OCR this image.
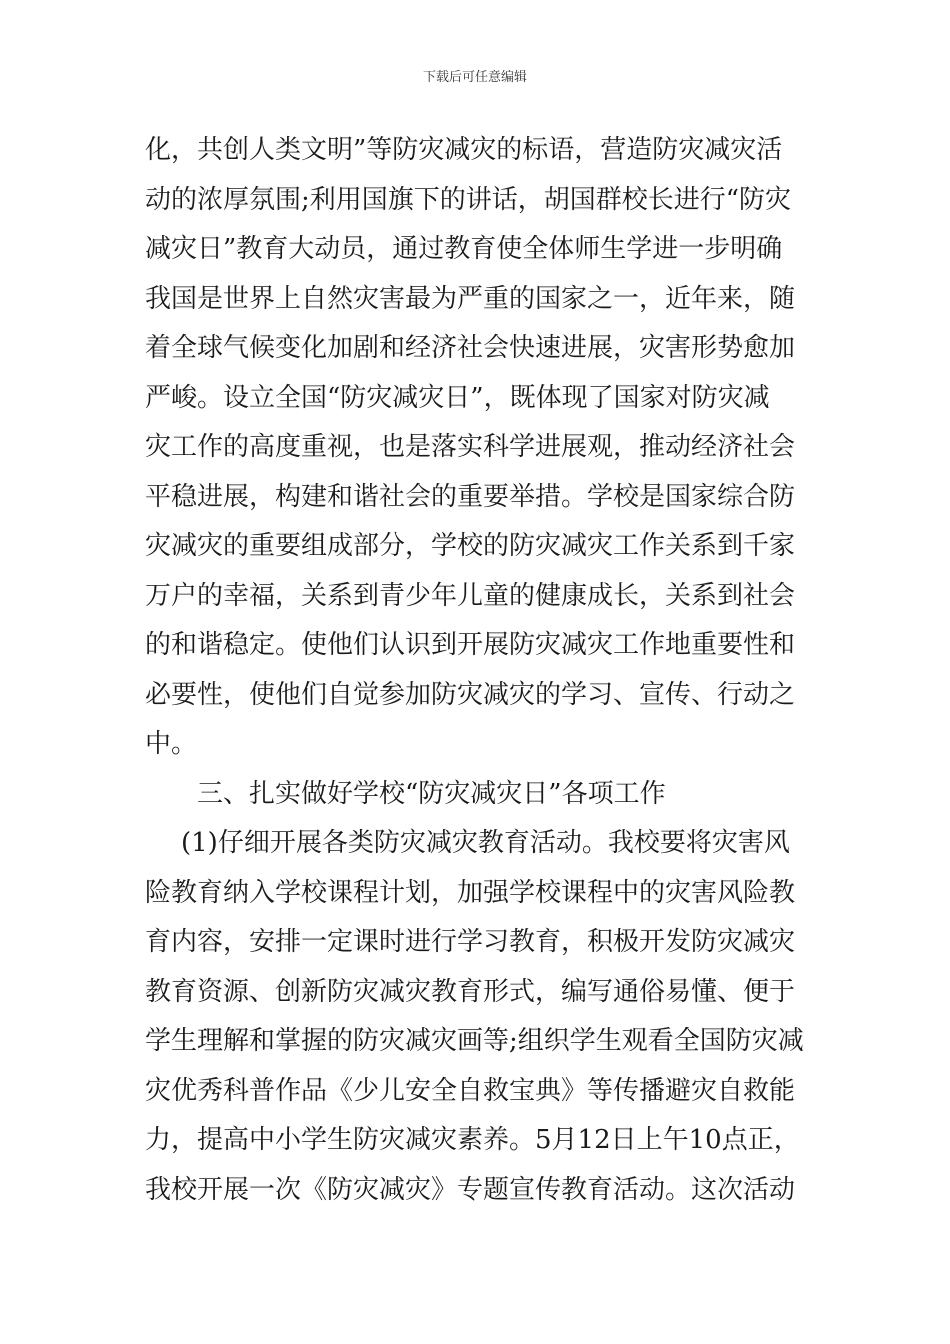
下载后可任意编辑
化，共创人类文明”等防灾减灾的标语，营造防灾减灾活
动的浓厚氛围;利用国旗下的讲话，胡国群校长进行“防灾
减灾日”教育大动员，通过教育使全体师生学进一步明确
我国是世界上自然灾害最为严重的国家之一，近年来，随
着全球气候变化加剧和经济社会快速进展，灾害形势愈加
严峻。设立全国“防灾减灾日”，既体现了国家对防灾减
灾工作的高度重视，也是落实科学进展观，推动经济社会
平稳进展，构建和谐社会的重要举措。学校是国家综合防
灾减灾的重要组成部分，学校的防灾减灾工作关系到千家
万户的幸福，关系到青少年儿童的健康成长，关系到社会
的和谐稳定。使他们认识到开展防灾减灾工作地重要性和
必要性，使他们自觉参加防灾减灾的学习、宣传、行动之
中。
三、扎实做好学校“防灾减灾日”各项工作
(1)仔细开展各类防灾减灾教育活动。我校要将灾害风
险教育纳入学校课程计划，加强学校课程中的灾害风险教
育内容，安排一定课时进行学习教育，积极开发防灾减灾
教育资源、创新防灾减灾教育形式，编写通俗易懂、便于
学生理解和掌握的防灾减灾画等;组织学生观看全国防灾减
灾优秀科普作品《少儿安全自救宝典》等传播避灾自救能
力，提高中小学生防灾减灾素养。5月12日上午10点正，
我校开展一次《防灾减灾》专题宣传教育活动。这次活动
